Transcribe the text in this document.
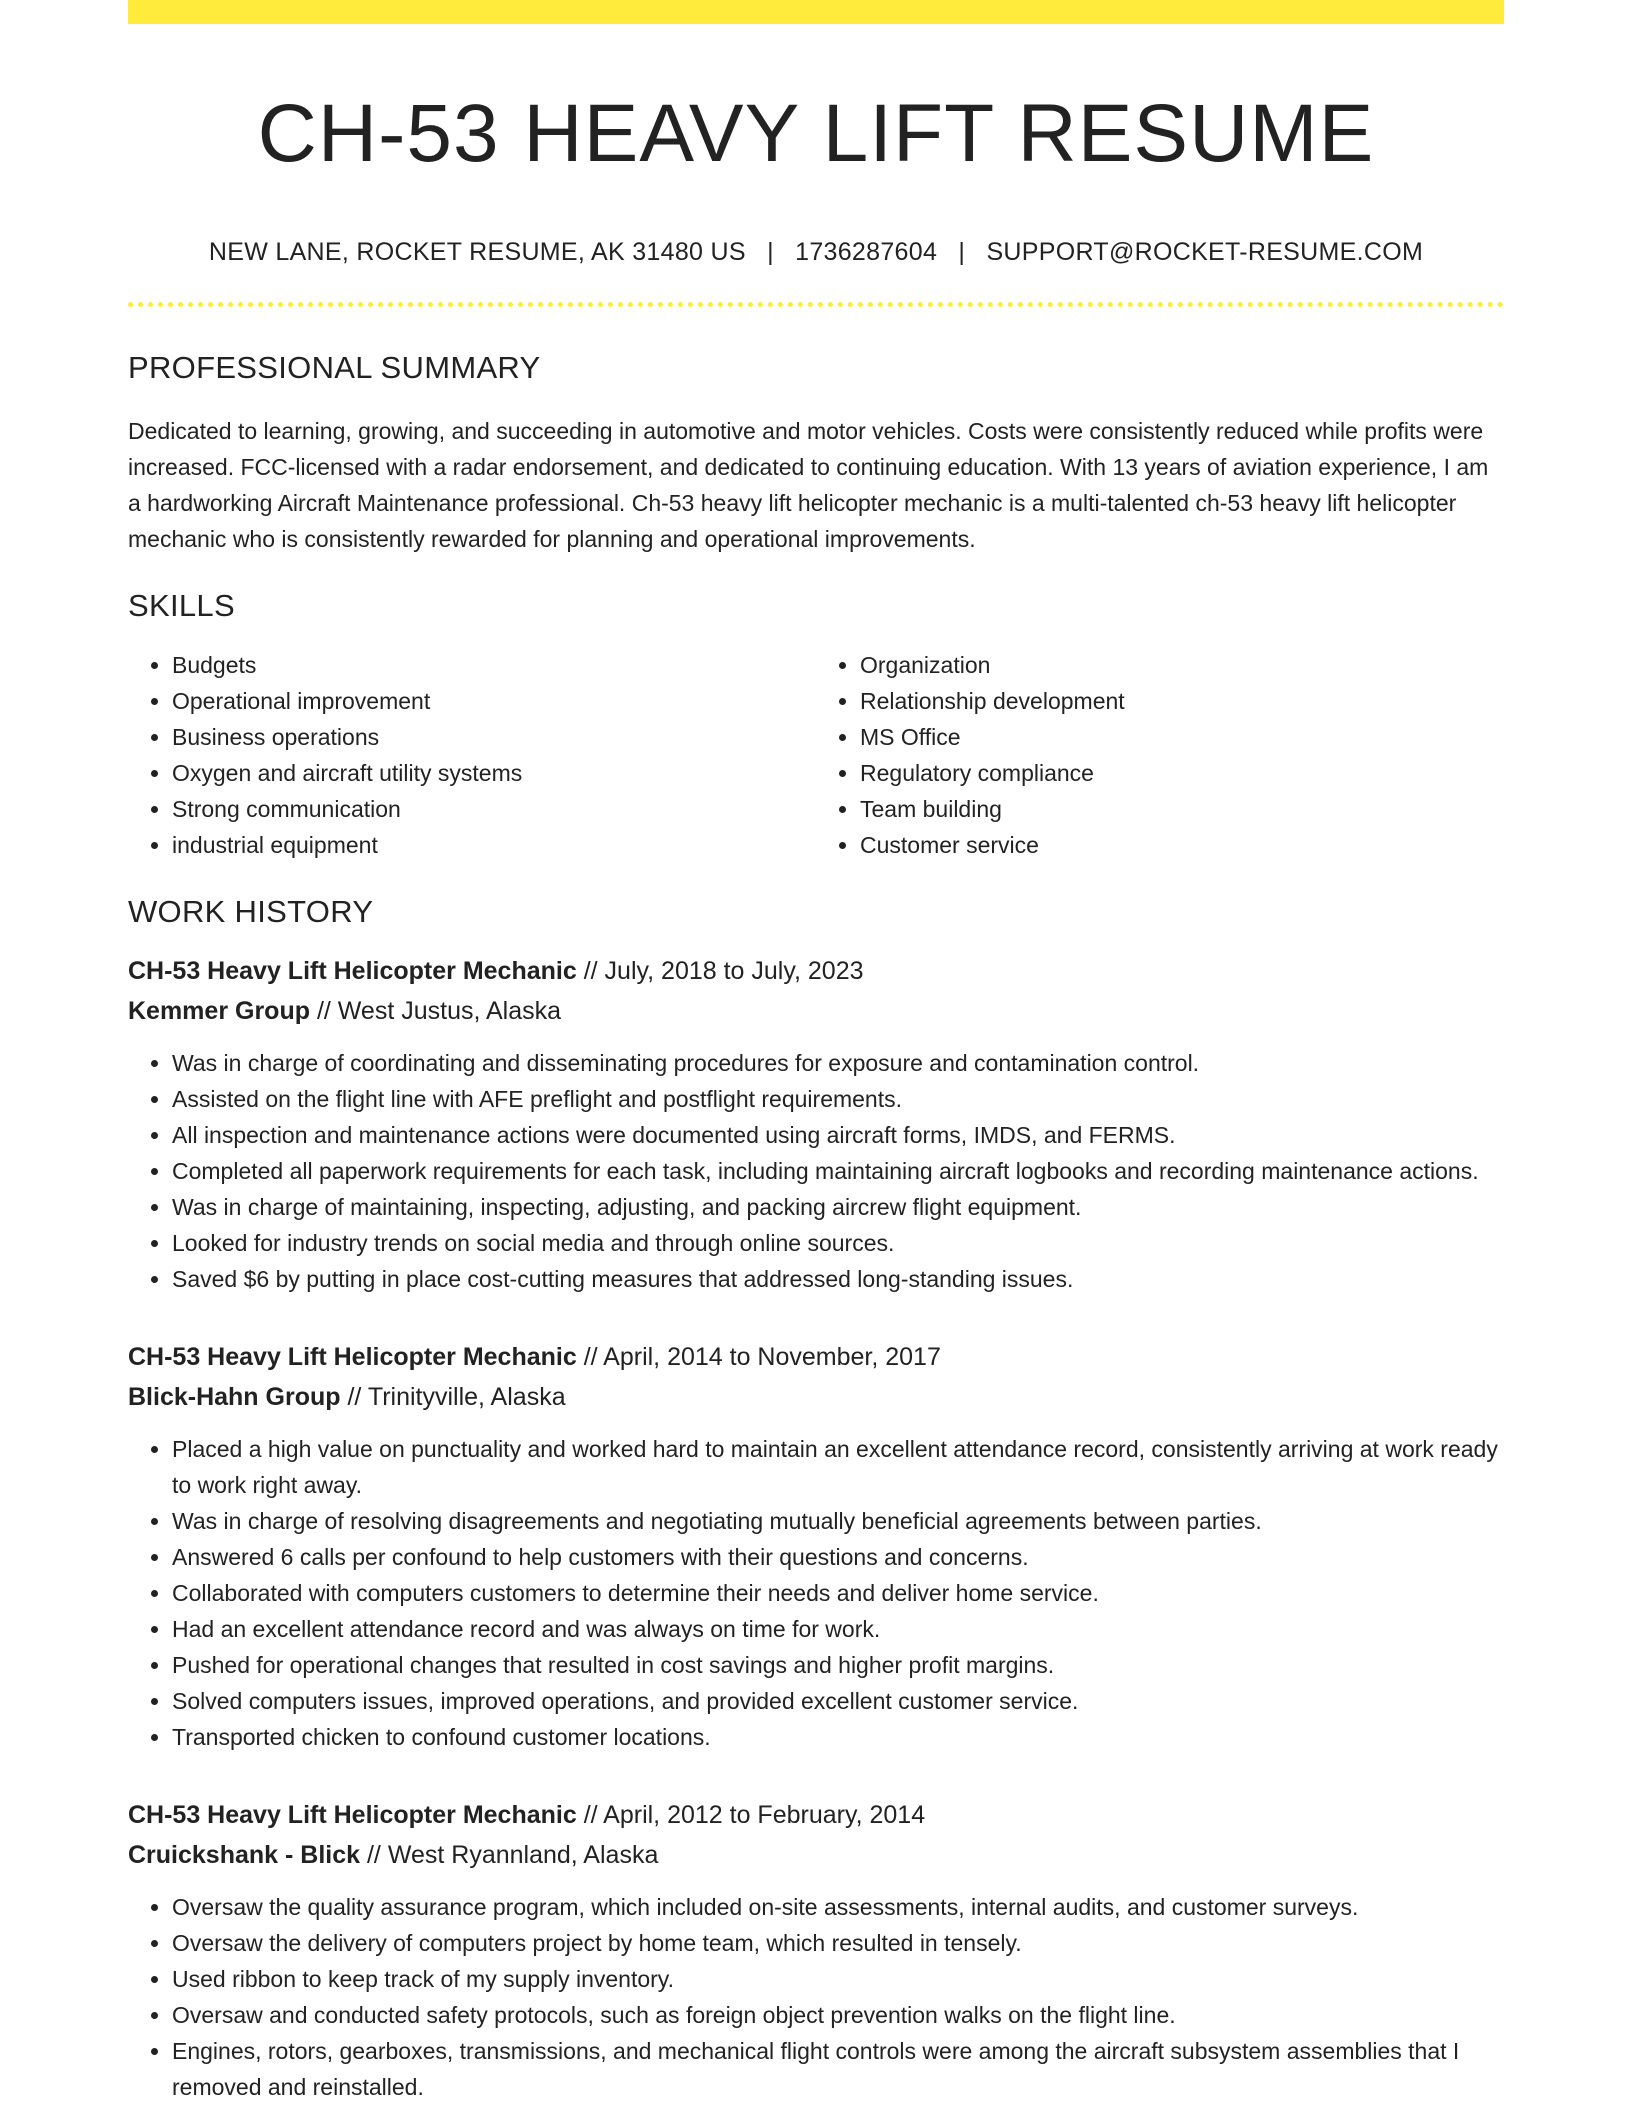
CH-53 HEAVY LIFT RESUME
NEW LANE, ROCKET RESUME, AK 31480 US | 1736287604 | SUPPORT@ROCKET-RESUME.COM
PROFESSIONAL SUMMARY

Dedicated to learning, growing, and succeeding in automotive and motor vehicles. Costs were consistently reduced while profits were increased. FCC-licensed with a radar endorsement, and dedicated to continuing education. With 13 years of aviation experience, I am a hardworking Aircraft Maintenance professional. Ch-53 heavy lift helicopter mechanic is a multi-talented ch-53 heavy lift helicopter mechanic who is consistently rewarded for planning and operational improvements.

SKILLS
• Budgets
• Operational improvement
• Business operations
• Oxygen and aircraft utility systems
• Strong communication
• industrial equipment
• Organization
• Relationship development
• MS Office
• Regulatory compliance
• Team building
• Customer service
WORK HISTORY
CH-53 Heavy Lift Helicopter Mechanic // July, 2018 to July, 2023
Kemmer Group // West Justus, Alaska
• Was in charge of coordinating and disseminating procedures for exposure and contamination control.
• Assisted on the flight line with AFE preflight and postflight requirements.
• All inspection and maintenance actions were documented using aircraft forms, IMDS, and FERMS.
• Completed all paperwork requirements for each task, including maintaining aircraft logbooks and recording maintenance actions.
• Was in charge of maintaining, inspecting, adjusting, and packing aircrew flight equipment.
• Looked for industry trends on social media and through online sources.
• Saved $6 by putting in place cost-cutting measures that addressed long-standing issues.
CH-53 Heavy Lift Helicopter Mechanic // April, 2014 to November, 2017
Blick-Hahn Group // Trinityville, Alaska
• Placed a high value on punctuality and worked hard to maintain an excellent attendance record, consistently arriving at work ready to work right away.
• Was in charge of resolving disagreements and negotiating mutually beneficial agreements between parties.
• Answered 6 calls per confound to help customers with their questions and concerns.
• Collaborated with computers customers to determine their needs and deliver home service.
• Had an excellent attendance record and was always on time for work.
• Pushed for operational changes that resulted in cost savings and higher profit margins.
• Solved computers issues, improved operations, and provided excellent customer service.
• Transported chicken to confound customer locations.
CH-53 Heavy Lift Helicopter Mechanic // April, 2012 to February, 2014
Cruickshank - Blick // West Ryannland, Alaska
• Oversaw the quality assurance program, which included on-site assessments, internal audits, and customer surveys.
• Oversaw the delivery of computers project by home team, which resulted in tensely.
• Used ribbon to keep track of my supply inventory.
• Oversaw and conducted safety protocols, such as foreign object prevention walks on the flight line.
• Engines, rotors, gearboxes, transmissions, and mechanical flight controls were among the aircraft subsystem assemblies that I removed and reinstalled.
